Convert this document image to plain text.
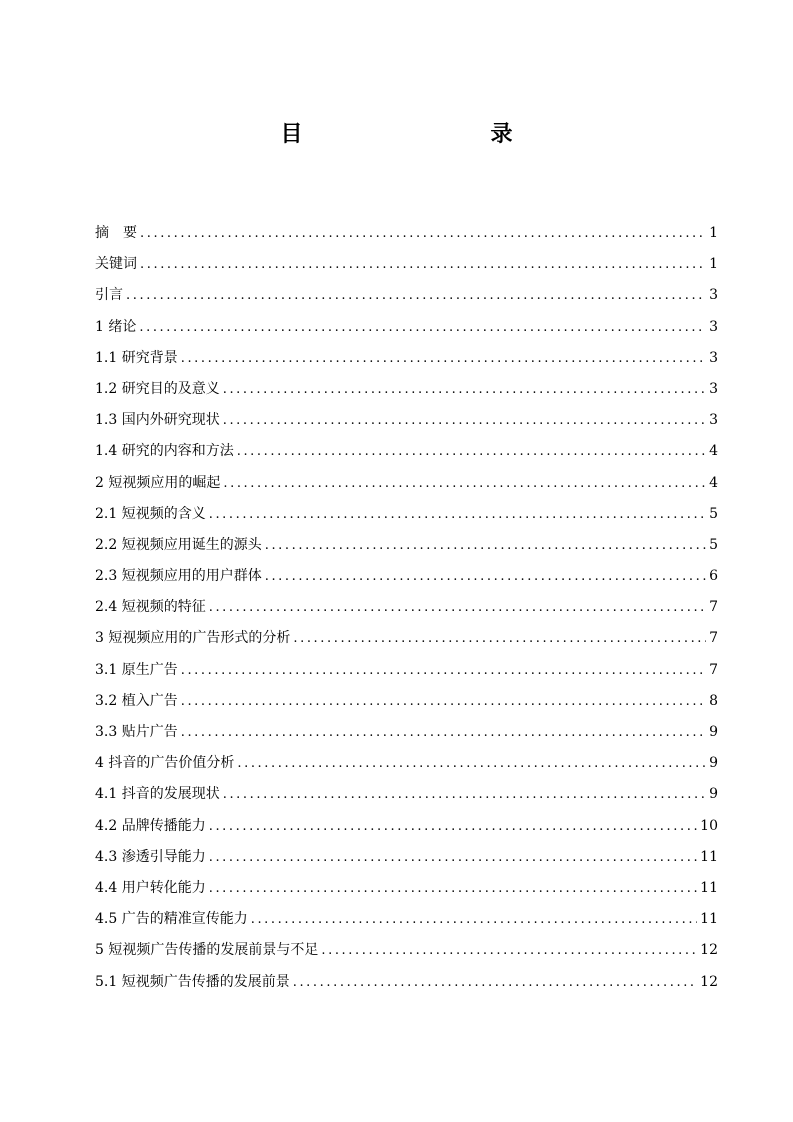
目　　录
摘　要 .....	1
关键词 .....	1
引言 .....	3
1 绪论 .....	3
1.1 研究背景 .....	3
1.2 研究目的及意义 .....	3
1.3 国内外研究现状 .....	3
1.4 研究的内容和方法 .....	4
2 短视频应用的崛起 .....	4
2.1 短视频的含义 .....	5
2.2 短视频应用诞生的源头 .....	5
2.3 短视频应用的用户群体 .....	6
2.4 短视频的特征 .....	7
3 短视频应用的广告形式的分析 .....	7
3.1 原生广告 .....	7
3.2 植入广告 .....	8
3.3 贴片广告 .....	9
4 抖音的广告价值分析 .....	9
4.1 抖音的发展现状 .....	9
4.2 品牌传播能力 .....	10
4.3 渗透引导能力 .....	11
4.4 用户转化能力 .....	11
4.5 广告的精准宣传能力 .....	11
5 短视频广告传播的发展前景与不足 .....	12
5.1 短视频广告传播的发展前景 .....	12
